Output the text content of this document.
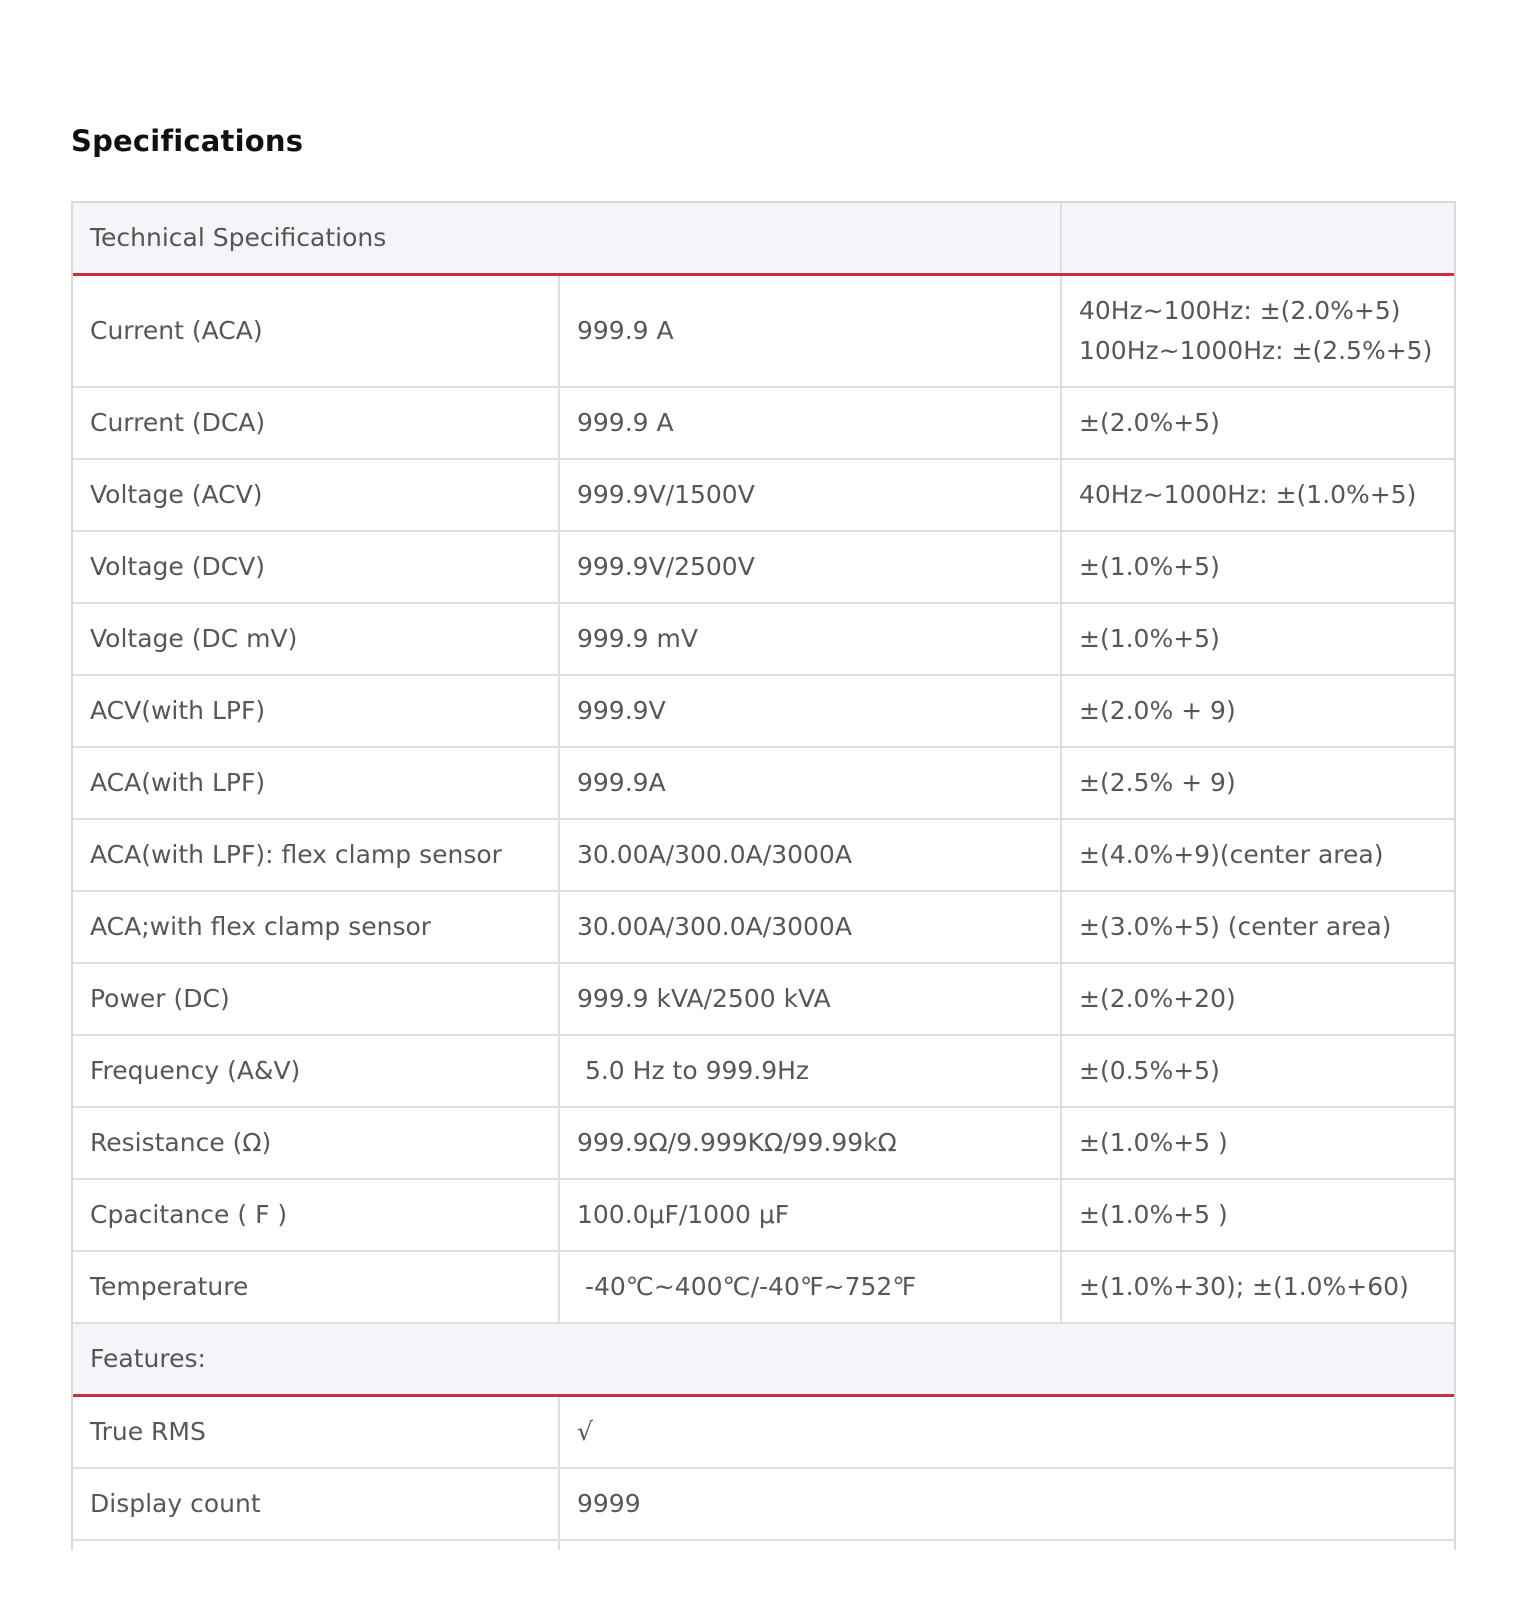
Specifications
Technical Specifications		
Current (ACA)	999.9 A	40Hz~100Hz: ±(2.0%+5)
100Hz~1000Hz: ±(2.5%+5)

Current (DCA)	999.9 A	±(2.0%+5)
Voltage (ACV)	999.9V/1500V	40Hz~1000Hz: ±(1.0%+5)
Voltage (DCV)	999.9V/2500V	±(1.0%+5)
Voltage (DC mV)	999.9 mV	±(1.0%+5)
ACV(with LPF)	999.9V	±(2.0% + 9)
ACA(with LPF)	999.9A	±(2.5% + 9)
ACA(with LPF): flex clamp sensor	30.00A/300.0A/3000A	±(4.0%+9)(center area)
ACA;with flex clamp sensor	30.00A/300.0A/3000A	±(3.0%+5) (center area)
Power (DC)	999.9 kVA/2500 kVA	±(2.0%+20)
Frequency (A&V)	5.0 Hz to 999.9Hz	±(0.5%+5)
Resistance (Ω)	999.9Ω/9.999KΩ/99.99kΩ	±(1.0%+5 )
Cpacitance ( F )	100.0μF/1000 μF	±(1.0%+5 )
Temperature	-40℃~400℃/-40℉~752℉	±(1.0%+30); ±(1.0%+60)
Features:		
True RMS	√	
Display count	9999	
